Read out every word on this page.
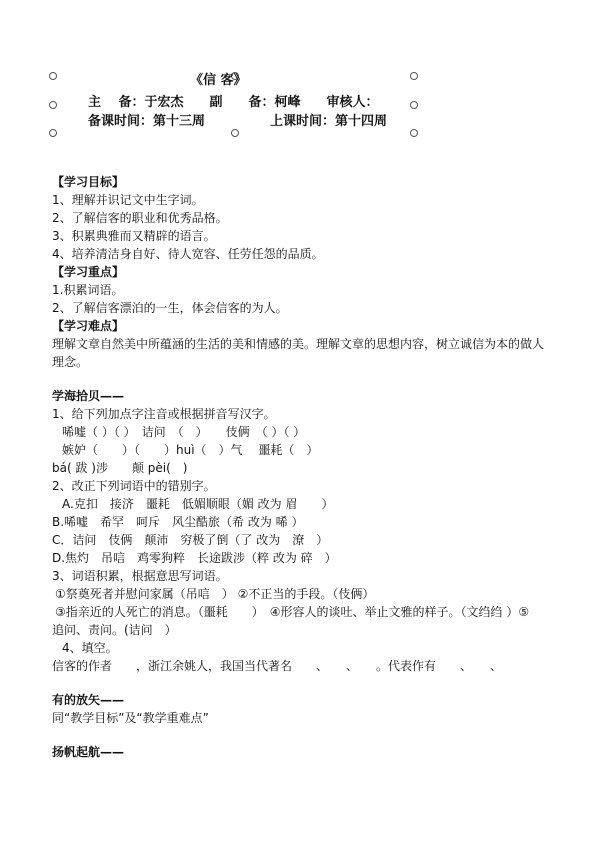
《信 客》
主　 备：于宏杰　　副　　备：柯峰　　审核人：
备课时间：第十三周　　　　　上课时间：第十四周
【学习目标】
1、理解并识记文中生字词。
2、了解信客的职业和优秀品格。
3、积累典雅而又精辟的语言。
4、培养清洁身自好、待人宽容、任劳任怨的品质。
【学习重点】
1.积累词语。
2、了解信客漂泊的一生，体会信客的为人。
【学习难点】
理解文章自然美中所蕴涵的生活的美和情感的美。理解文章的思想内容，树立诚信为本的做人
理念。
学海拾贝——
1、给下列加点字注音或根据拼音写汉字。
唏嘘（ ）（ ）　诘问　（　）　　伎俩　（ ）（ ）
嫉妒（　　）（　　）huì（　）气　 噩耗（　）
bá( 跋 )涉　　颠 pèi(　)
2、改正下列词语中的错别字。
A.克扣　接济　噩耗　低媚顺眼（媚 改为 眉　　）
B.唏嘘　希罕　呵斥　风尘酷旅（希 改为 唏 ）
C．诘问　伎俩　颠沛　穷极了倒（了 改为　潦　）
D.焦灼　吊唁　鸡零狗粹　长途跋涉（粹 改为 碎　）
3、词语积累，根据意思写词语。
①祭奠死者并慰问家属（吊唁　） ②不正当的手段。（伎俩）
③指亲近的人死亡的消息。（噩耗　　）　④形容人的谈吐、举止文雅的样子。（文绉绉 ）⑤
追问、责问。(诘问　）
4、填空。
信客的作者　　，浙江余姚人，我国当代著名　　、　　、　　。代表作有　　、　　、
有的放矢——
同“教学目标”及“教学重难点”
扬帆起航——
